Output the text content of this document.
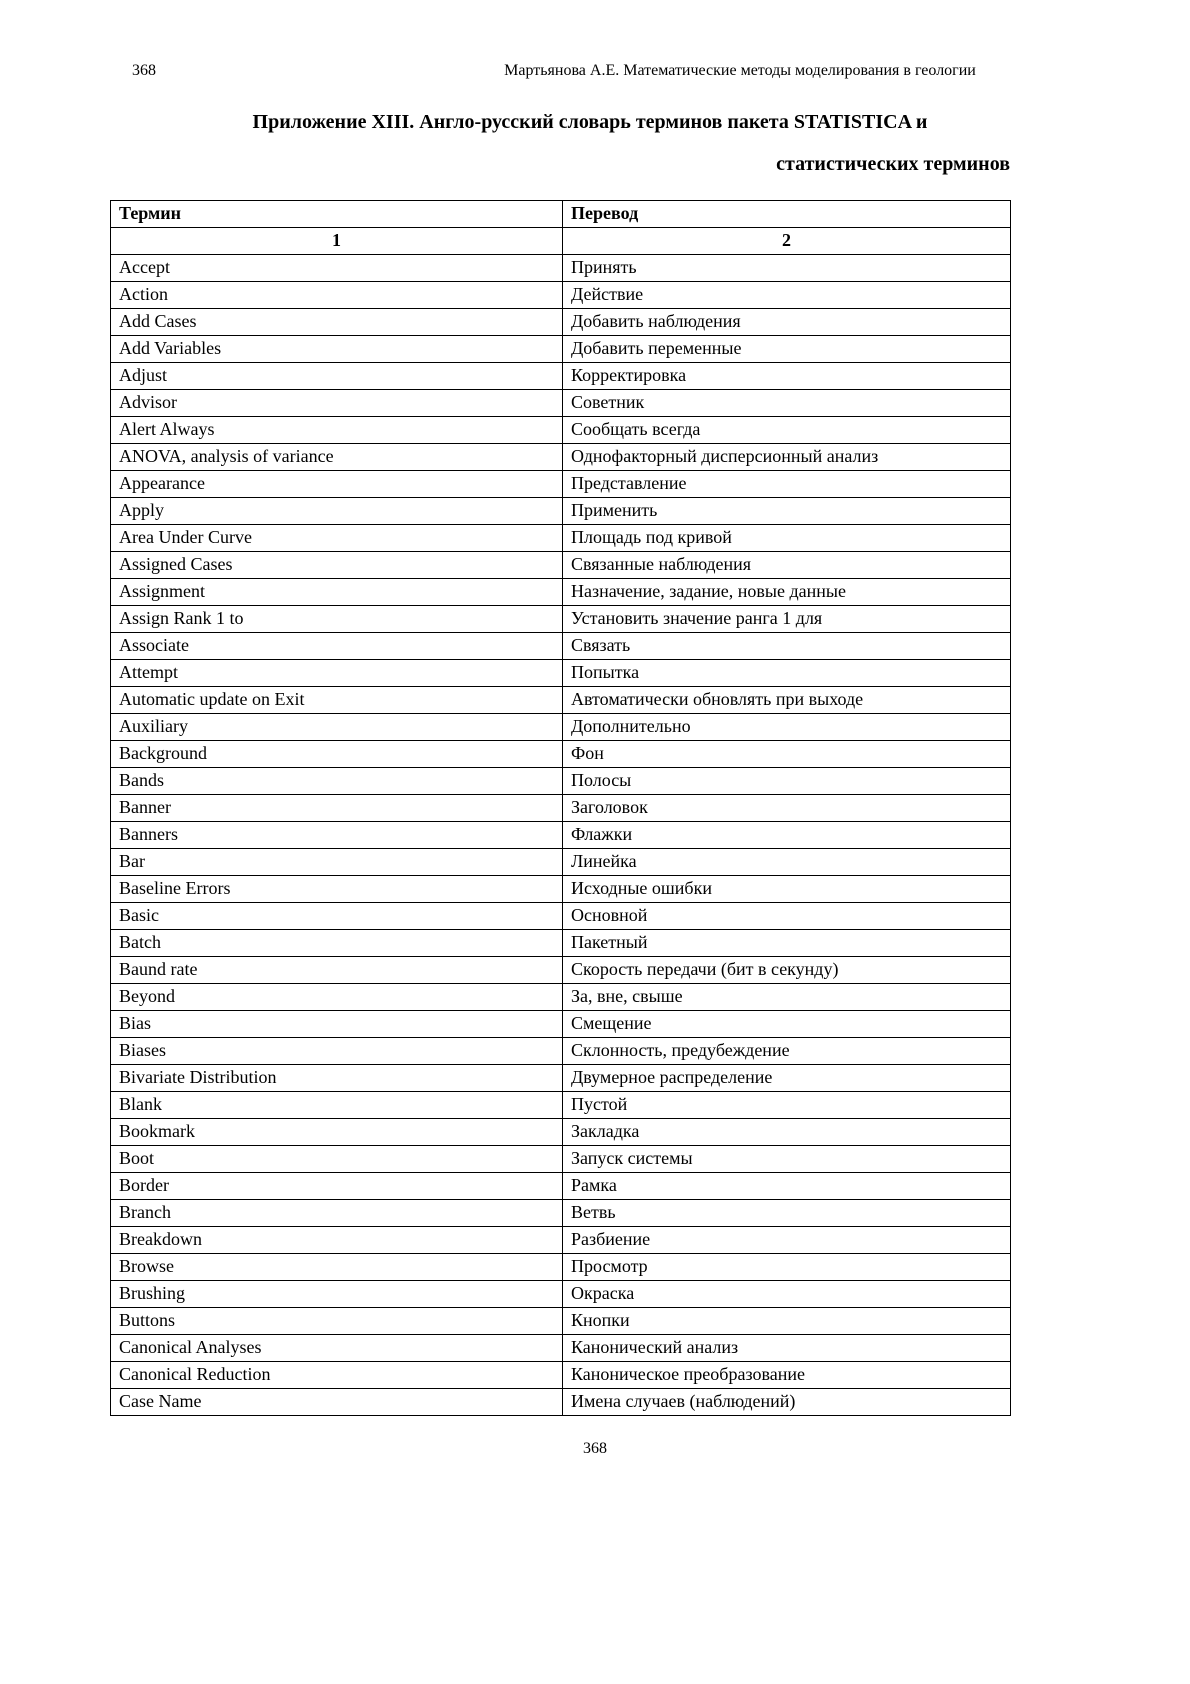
368	Мартьянова А.Е. Математические методы моделирования в геологии
Приложение XIII. Англо-русский словарь терминов пакета STATISTICA и
статистических терминов
Термин	Перевод
1	2
Accept	Принять
Action	Действие
Add Cases	Добавить наблюдения
Add Variables	Добавить переменные
Adjust	Корректировка
Advisor	Советник
Alert Always	Сообщать всегда
ANOVA, analysis of variance	Однофакторный дисперсионный анализ
Appearance	Представление
Apply	Применить
Area Under Curve	Площадь под кривой
Assigned Cases	Связанные наблюдения
Assignment	Назначение, задание, новые данные
Assign Rank 1 to	Установить значение ранга 1 для
Associate	Связать
Attempt	Попытка
Automatic update on Exit	Автоматически обновлять при выходе
Auxiliary	Дополнительно
Background	Фон
Bands	Полосы
Banner	Заголовок
Banners	Флажки
Bar	Линейка
Baseline Errors	Исходные ошибки
Basic	Основной
Batch	Пакетный
Baund rate	Скорость передачи (бит в секунду)
Beyond	За, вне, свыше
Bias	Смещение
Biases	Склонность, предубеждение
Bivariate Distribution	Двумерное распределение
Blank	Пустой
Bookmark	Закладка
Boot	Запуск системы
Border	Рамка
Branch	Ветвь
Breakdown	Разбиение
Browse	Просмотр
Brushing	Окраска
Buttons	Кнопки
Canonical Analyses	Канонический анализ
Canonical Reduction	Каноническое преобразование
Case Name	Имена случаев (наблюдений)
368
